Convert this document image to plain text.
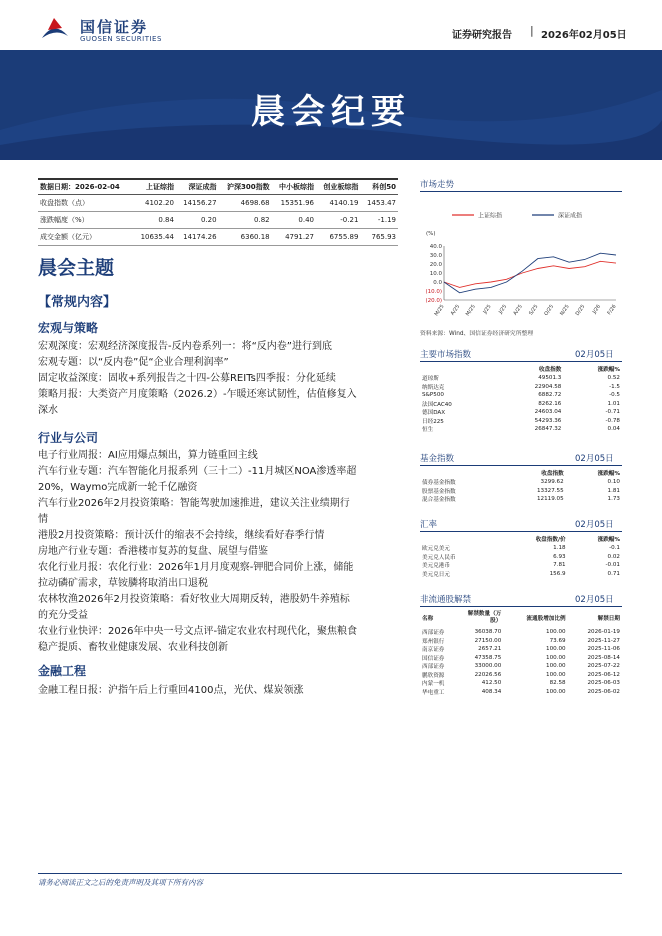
国信证券
GUOSEN SECURITIES	证券研究报告 | 2026年02月05日
晨会纪要
数据日期：2026-02-04	上证综指	深证成指	沪深300指数	中小板综指	创业板综指	科创50
收盘指数（点）	4102.20	14156.27	4698.68	15351.96	4140.19	1453.47
涨跌幅度（%）	0.84	0.20	0.82	0.40	-0.21	-1.19
成交金额（亿元）	10635.44	14174.26	6360.18	4791.27	6755.89	765.93
晨会主题
【常规内容】
宏观与策略
宏观深度：宏观经济深度报告-反内卷系列一：将“反内卷”进行到底
宏观专题：以“反内卷”促“企业合理利润率”
固定收益深度：固收+系列报告之十四-公募REITs四季报：分化延续
策略月报：大类资产月度策略（2026.2）-乍暖还寒试韧性，估值修复入
深水
行业与公司
电子行业周报：AI应用爆点频出，算力链重回主线
汽车行业专题：汽车智能化月报系列（三十二）-11月城区NOA渗透率超
20%，Waymo完成新一轮千亿融资
汽车行业2026年2月投资策略：智能驾驶加速推进，建议关注业绩期行
情
港股2月投资策略：预计沃什的缩表不会持续，继续看好春季行情
房地产行业专题：香港楼市复苏的复盘、展望与借鉴
农化行业月报：农化行业：2026年1月月度观察-钾肥合同价上涨，储能
拉动磷矿需求，草铵膦将取消出口退税
农林牧渔2026年2月投资策略：看好牧业大周期反转，港股奶牛养殖标
的充分受益
农业行业快评：2026年中央一号文点评-锚定农业农村现代化，聚焦粮食
稳产提质、畜牧业健康发展、农业科技创新
金融工程
金融工程日报：沪指午后上行重回4100点，光伏、煤炭领涨
市场走势
上证综指	深证成指
(%)
40.0
30.0
20.0
10.0
0.0
(10.0)
(20.0)
M/25 A/25 M/25 J/25 J/25 A/25 S/25 O/25 N/25 D/25 J/26 F/26
资料来源：Wind、国信证券经济研究所整理
主要市场指数	02月05日
	收盘指数	涨跌幅%
道琼斯	49501.3	0.52
纳斯达克	22904.58	-1.5
S&P500	6882.72	-0.5
法国CAC40	8262.16	1.01
德国DAX	24603.04	-0.71
日经225	54293.36	-0.78
恒生	26847.32	0.04
基金指数	02月05日
	收盘指数	涨跌幅%
债券基金指数	3299.62	0.10
股票基金指数	13327.55	1.81
混合基金指数	12119.05	1.73
汇率	02月05日
	收盘指数/价	涨跌幅%
欧元兑美元	1.18	-0.1
美元兑人民币	6.93	0.02
美元兑港币	7.81	-0.01
美元兑日元	156.9	0.71
非流通股解禁	02月05日
名称	解禁数量（万股）	流通股增加比例	解禁日期
西部证券	36038.70	100.00	2026-01-19
郑州银行	27150.00	73.69	2025-11-27
南京证券	2657.21	100.00	2025-11-06
国信证券	47358.75	100.00	2025-08-14
西部证券	33000.00	100.00	2025-07-22
鹏欣资源	22026.56	100.00	2025-06-12
内蒙一机	412.50	82.58	2025-06-03
华电重工	408.34	100.00	2025-06-02
请务必阅读正文之后的免责声明及其项下所有内容
